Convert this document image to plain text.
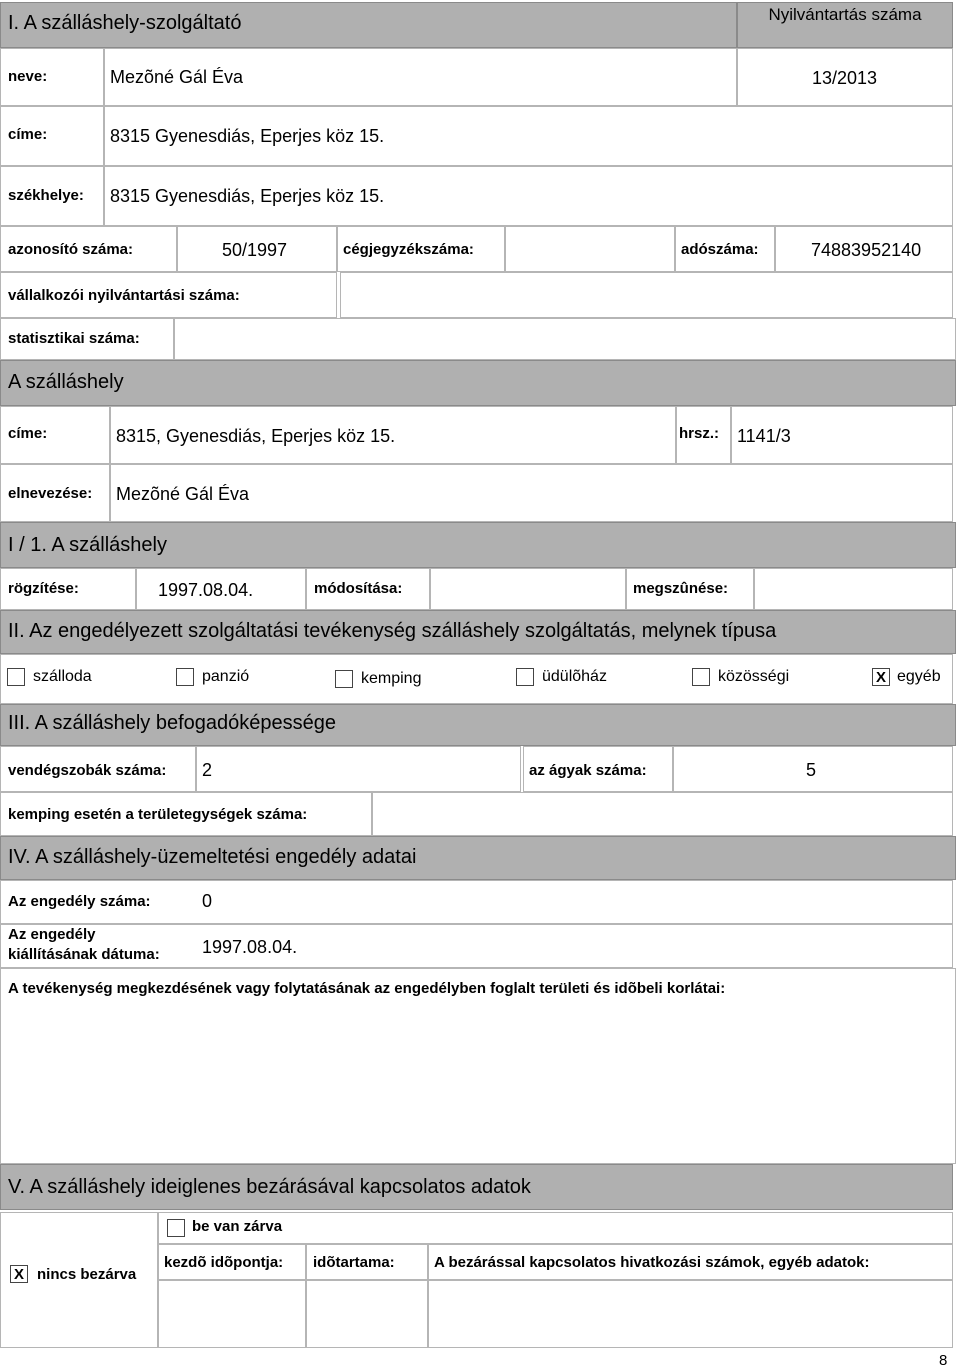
I. A szálláshely-szolgáltató	Nyilvántartás száma
neve:	Mezõné Gál Éva	13/2013
címe:	8315 Gyenesdiás, Eperjes köz 15.
székhelye: 8315 Gyenesdiás, Eperjes köz 15.
azonosító száma:	50/1997	cégjegyzékszáma:	adószáma:	74883952140
vállalkozói nyilvántartási száma:
statisztikai száma:
A szálláshely
címe:	8315, Gyenesdiás, Eperjes köz 15.	hrsz.: 1141/3
elnevezése: Mezõné Gál Éva
I / 1. A szálláshely
rögzítése:	1997.08.04.	módosítása:	megszûnése:
II. Az engedélyezett szolgáltatási tevékenység szálláshely szolgáltatás, melynek típusa
szálloda	panzió	kemping	üdülõház	közösségi	X egyéb
III. A szálláshely befogadóképessége
vendégszobák száma: 2	az ágyak száma:	5
kemping esetén a területegységek száma:
IV. A szálláshely-üzemeltetési engedély adatai
Az engedély száma:	0
Az engedély
kiállításának dátuma: 1997.08.04.
A tevékenység megkezdésének vagy folytatásának az engedélyben foglalt területi és idõbeli korlátai:
V. A szálláshely ideiglenes bezárásával kapcsolatos adatok
X nincs bezárva
be van zárva
kezdõ idõpontja: idõtartama:	A bezárással kapcsolatos hivatkozási számok, egyéb adatok:
8
